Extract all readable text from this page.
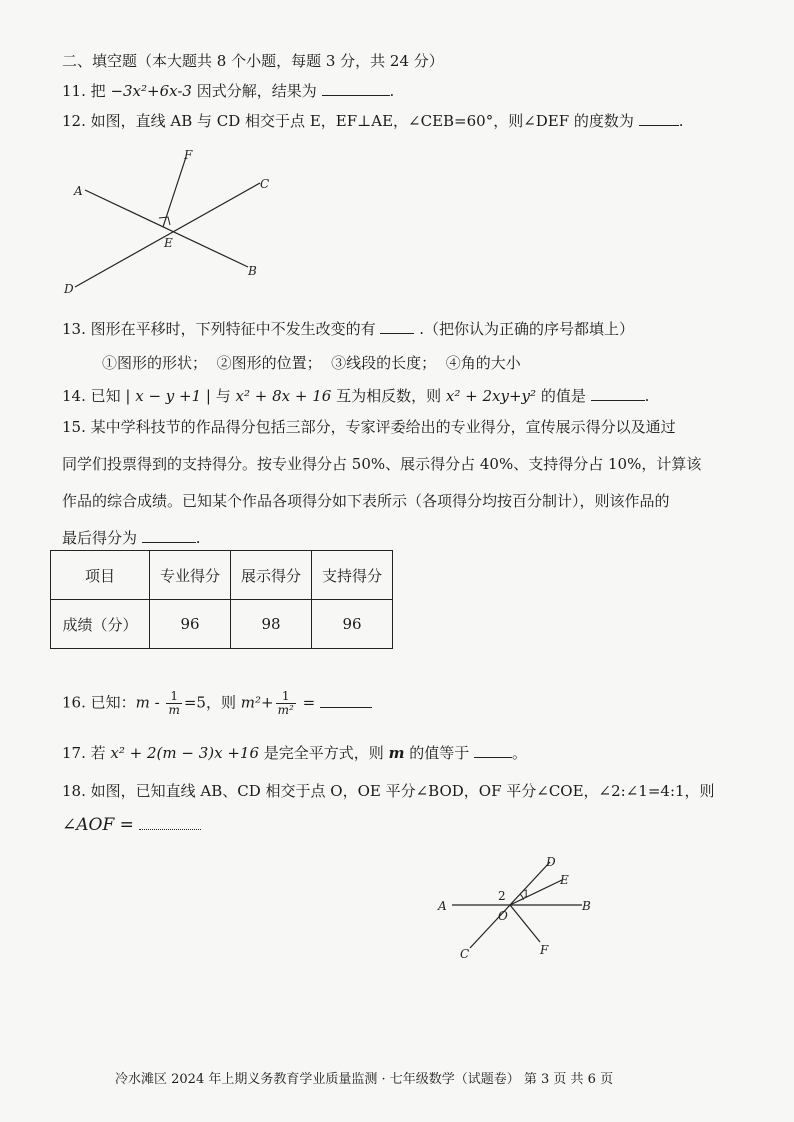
二、填空题（本大题共 8 个小题，每题 3 分，共 24 分）
11. 把 −3x²+6x-3 因式分解，结果为	.
12. 如图，直线 AB 与 CD 相交于点 E，EF⊥AE，∠CEB=60°，则∠DEF 的度数为	.
A	C
F
E
B
D
13. 图形在平移时，下列特征中不发生改变的有	.（把你认为正确的序号都填上）
①图形的形状； ②图形的位置； ③线段的长度； ④角的大小
14. 已知 | x − y +1 | 与 x² + 8x + 16 互为相反数，则 x² + 2xy+y² 的值是	.
15. 某中学科技节的作品得分包括三部分，专家评委给出的专业得分，宣传展示得分以及通过
同学们投票得到的支持得分。按专业得分占 50%、展示得分占 40%、支持得分占 10%，计算该
作品的综合成绩。已知某个作品各项得分如下表所示（各项得分均按百分制计），则该作品的
最后得分为	.
项目	专业得分	展示得分	支持得分
成绩（分）	96	98	96
16. 已知：$m - \frac{1}{m} =5$，则 $m^2+ \frac{1}{\text{m²}}$ =
17. 若 x² + 2(m − 3)x +16 是完全平方式，则 m 的值等于	。
18. 如图，已知直线 AB、CD 相交于点 O，OE 平分∠BOD，OF 平分∠COE，∠2:∠1=4:1，则
∠AOF =
D
E
2 1
A
O
B
C	F
冷水滩区 2024 年上期义务教育学业质量监测 · 七年级数学（试题卷） 第 3 页 共 6 页
